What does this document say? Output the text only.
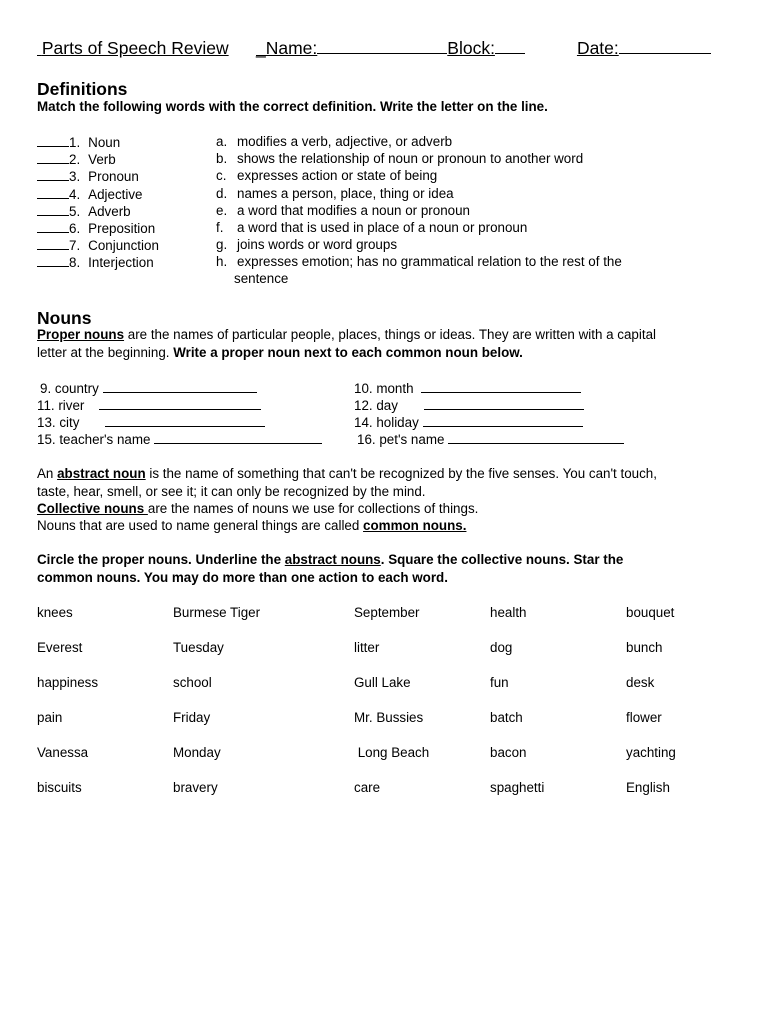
Parts of Speech Review _Name:	Block:	Date:
Definitions
Match the following words with the correct definition. Write the letter on the line.
1. Noun
2. Verb
3. Pronoun
4. Adjective
5. Adverb
6. Preposition
7. Conjunction
8. Interjection
a. modifies a verb, adjective, or adverb
b. shows the relationship of noun or pronoun to another word
c. expresses action or state of being
d. names a person, place, thing or idea
e. a word that modifies a noun or pronoun
f. a word that is used in place of a noun or pronoun
g. joins words or word groups
h. expresses emotion; has no grammatical relation to the rest of the
sentence
Nouns
Proper nouns are the names of particular people, places, things or ideas. They are written with a capital
letter at the beginning. Write a proper noun next to each common noun below.
9. country	10. month
11. river	12. day
13. city	14. holiday
15. teacher's name	16. pet's name
An abstract noun is the name of something that can't be recognized by the five senses. You can't touch,
taste, hear, smell, or see it; it can only be recognized by the mind.
Collective nouns are the names of nouns we use for collections of things.
Nouns that are used to name general things are called common nouns.
Circle the proper nouns. Underline the abstract nouns. Square the collective nouns. Star the
common nouns. You may do more than one action to each word.
knees	Burmese Tiger	September	health	bouquet
Everest	Tuesday	litter	dog	bunch
happiness	school	Gull Lake	fun	desk
pain	Friday	Mr. Bussies	batch	flower
Vanessa	Monday	Long Beach	bacon	yachting
biscuits	bravery	care	spaghetti	English
